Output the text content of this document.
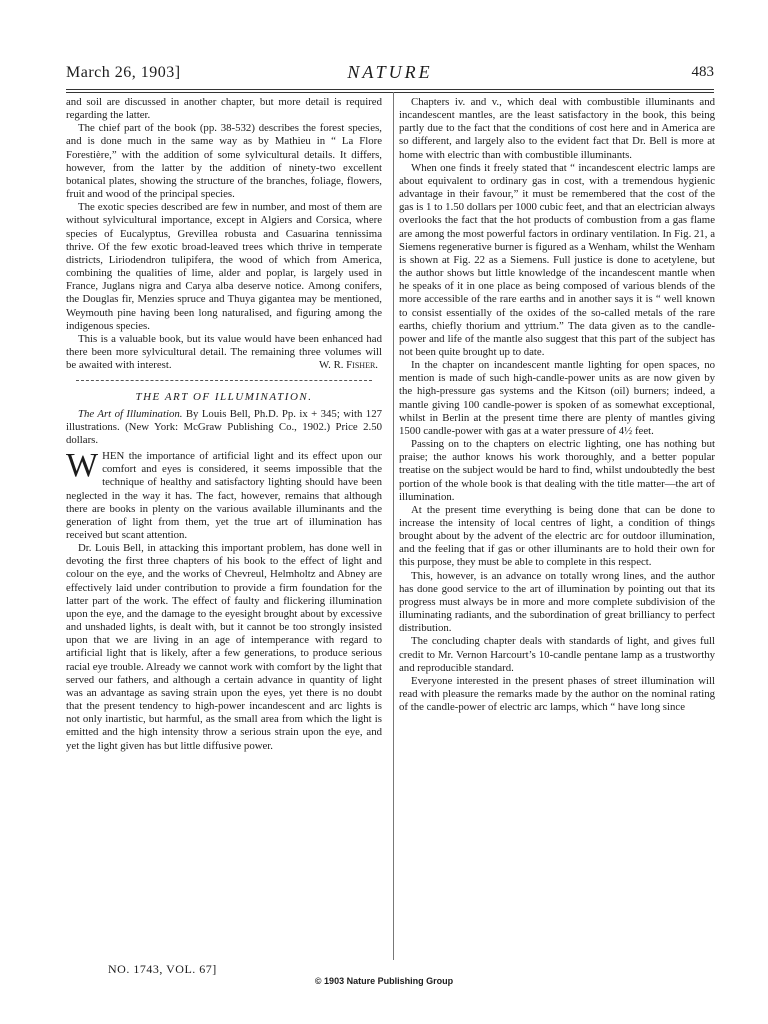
March 26, 1903]	NATURE	483

and soil are discussed in another chapter, but more detail is required regarding the latter.

The chief part of the book (pp. 38-532) describes the forest species, and is done much in the same way as by Mathieu in “ La Flore Forestière,” with the addition of some sylvicultural details. It differs, however, from the latter by the addition of ninety-two excellent botanical plates, showing the structure of the branches, foliage, flowers, fruit and wood of the principal species.

The exotic species described are few in number, and most of them are without sylvicultural importance, except in Algiers and Corsica, where species of Eucalyptus, Grevillea robusta and Casuarina tennissima thrive. Of the few exotic broad-leaved trees which thrive in temperate districts, Liriodendron tulipifera, the wood of which from America, combining the qualities of lime, alder and poplar, is largely used in France, Juglans nigra and Carya alba deserve notice. Among conifers, the Douglas fir, Menzies spruce and Thuya gigantea may be mentioned, Weymouth pine having been long naturalised, and figuring among the indigenous species.

This is a valuable book, but its value would have been enhanced had there been more sylvicultural detail. The remaining three volumes will be awaited with interest.	W. R. Fisher.
THE ART OF ILLUMINATION.

The Art of Illumination. By Louis Bell, Ph.D. Pp. ix + 345; with 127 illustrations. (New York: McGraw Publishing Co., 1902.) Price 2.50 dollars.

WHEN the importance of artificial light and its effect upon our comfort and eyes is considered, it seems impossible that the technique of healthy and satisfactory lighting should have been neglected in the way it has. The fact, however, remains that although there are books in plenty on the various available illuminants and the generation of light from them, yet the true art of illumination has received but scant attention.

Dr. Louis Bell, in attacking this important problem, has done well in devoting the first three chapters of his book to the effect of light and colour on the eye, and the works of Chevreul, Helmholtz and Abney are effectively laid under contribution to provide a firm foundation for the latter part of the work. The effect of faulty and flickering illumination upon the eye, and the damage to the eyesight brought about by excessive and unshaded lights, is dealt with, but it cannot be too strongly insisted upon that we are living in an age of intemperance with regard to artificial light that is likely, after a few generations, to produce serious racial eye trouble. Already we cannot work with comfort by the light that served our fathers, and although a certain advance in quantity of light was an advantage as saving strain upon the eyes, yet there is no doubt that the present tendency to high-power incandescent and arc lights is not only inartistic, but harmful, as the small area from which the light is emitted and the high intensity throw a serious strain upon the eye, and yet the light given has but little diffusive power.

Chapters iv. and v., which deal with combustible illuminants and incandescent mantles, are the least satisfactory in the book, this being partly due to the fact that the conditions of cost here and in America are so different, and largely also to the evident fact that Dr. Bell is more at home with electric than with combustible illuminants.

When one finds it freely stated that “ incandescent electric lamps are about equivalent to ordinary gas in cost, with a tremendous hygienic advantage in their favour,” it must be remembered that the cost of the gas is 1 to 1.50 dollars per 1000 cubic feet, and that an electrician always overlooks the fact that the hot products of combustion from a gas flame are among the most powerful factors in ordinary ventilation. In Fig. 21, a Siemens regenerative burner is figured as a Wenham, whilst the Wenham is shown at Fig. 22 as a Siemens. Full justice is done to acetylene, but the author shows but little knowledge of the incandescent mantle when he speaks of it in one place as being composed of various blends of the more accessible of the rare earths and in another says it is “ well known to consist essentially of the oxides of the so-called metals of the rare earths, chiefly thorium and yttrium.” The data given as to the candle-power and life of the mantle also suggest that this part of the subject has not been quite brought up to date.

In the chapter on incandescent mantle lighting for open spaces, no mention is made of such high-candle-power units as are now given by the high-pressure gas systems and the Kitson (oil) burners; indeed, a mantle giving 100 candle-power is spoken of as somewhat exceptional, whilst in Berlin at the present time there are plenty of mantles giving 1500 candle-power with gas at a water pressure of 4½ feet.

Passing on to the chapters on electric lighting, one has nothing but praise; the author knows his work thoroughly, and a better popular treatise on the subject would be hard to find, whilst undoubtedly the best portion of the whole book is that dealing with the title matter—the art of illumination.

At the present time everything is being done that can be done to increase the intensity of local centres of light, a condition of things brought about by the advent of the electric arc for outdoor illumination, and the feeling that if gas or other illuminants are to hold their own for this purpose, they must be able to complete in this respect.

This, however, is an advance on totally wrong lines, and the author has done good service to the art of illumination by pointing out that its progress must always be in more and more complete subdivision of the illuminating radiants, and the subordination of great brilliancy to perfect distribution.

The concluding chapter deals with standards of light, and gives full credit to Mr. Vernon Harcourt’s 10-candle pentane lamp as a trustworthy and reproducible standard.

Everyone interested in the present phases of street illumination will read with pleasure the remarks made by the author on the nominal rating of the candle-power of electric arc lamps, which “ have long since

NO. 1743, VOL. 67]
© 1903 Nature Publishing Group
